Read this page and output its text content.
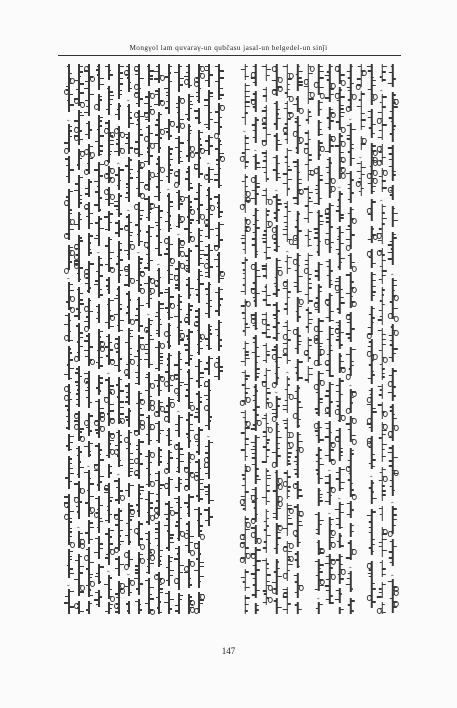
Mongγol lam quvaraγ-un qubčasu jasal-un belgedel-un sinǰi
›
‹
›
‹
‹
›
‹
‹
‹
‹
›
‹
›
›
›
‹
‹
›
‹
‹
›
›
‹
‹
›
‹
‹
›
‹
‹
›
›
›
‹
‹
›
›
‹
‹
‹
‹
‹
147
